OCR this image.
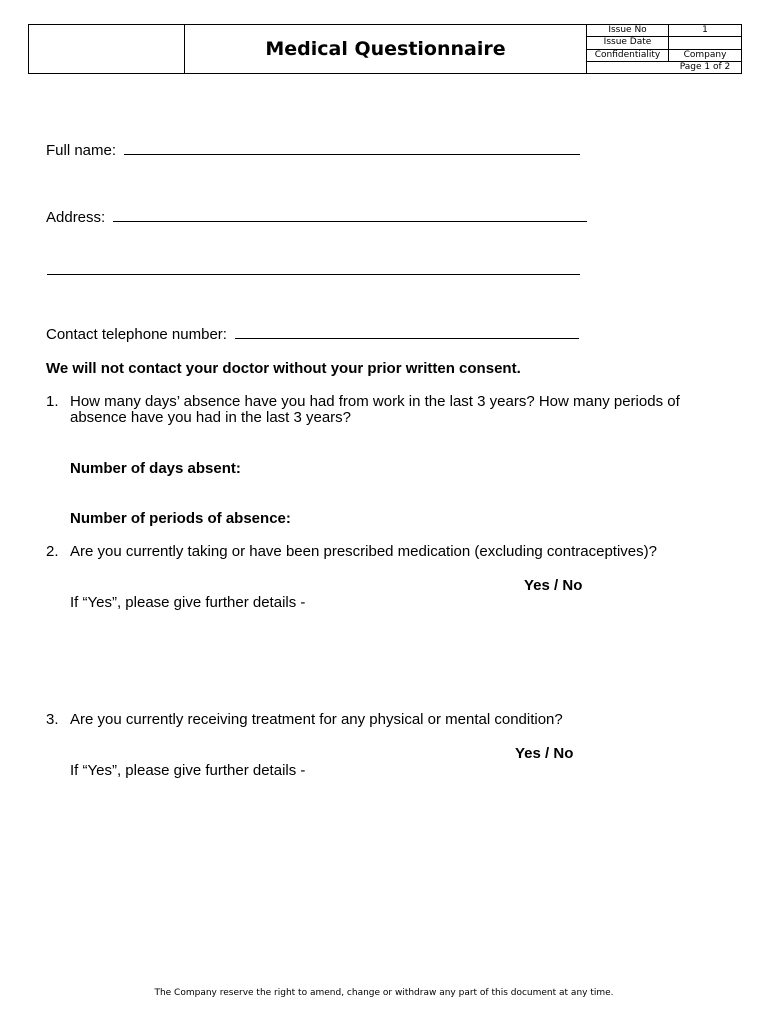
Medical Questionnaire
Issue No	1
Issue Date
Confidentiality	Company
Page 1 of 2
Full name:
Address:
Contact telephone number:
We will not contact your doctor without your prior written consent.
1. How many days’ absence have you had from work in the last 3 years? How many periods of
absence have you had in the last 3 years?
Number of days absent:
Number of periods of absence:
2. Are you currently taking or have been prescribed medication (excluding contraceptives)?
Yes / No
If “Yes”, please give further details -
3. Are you currently receiving treatment for any physical or mental condition?
Yes / No
If “Yes”, please give further details -
The Company reserve the right to amend, change or withdraw any part of this document at any time.
